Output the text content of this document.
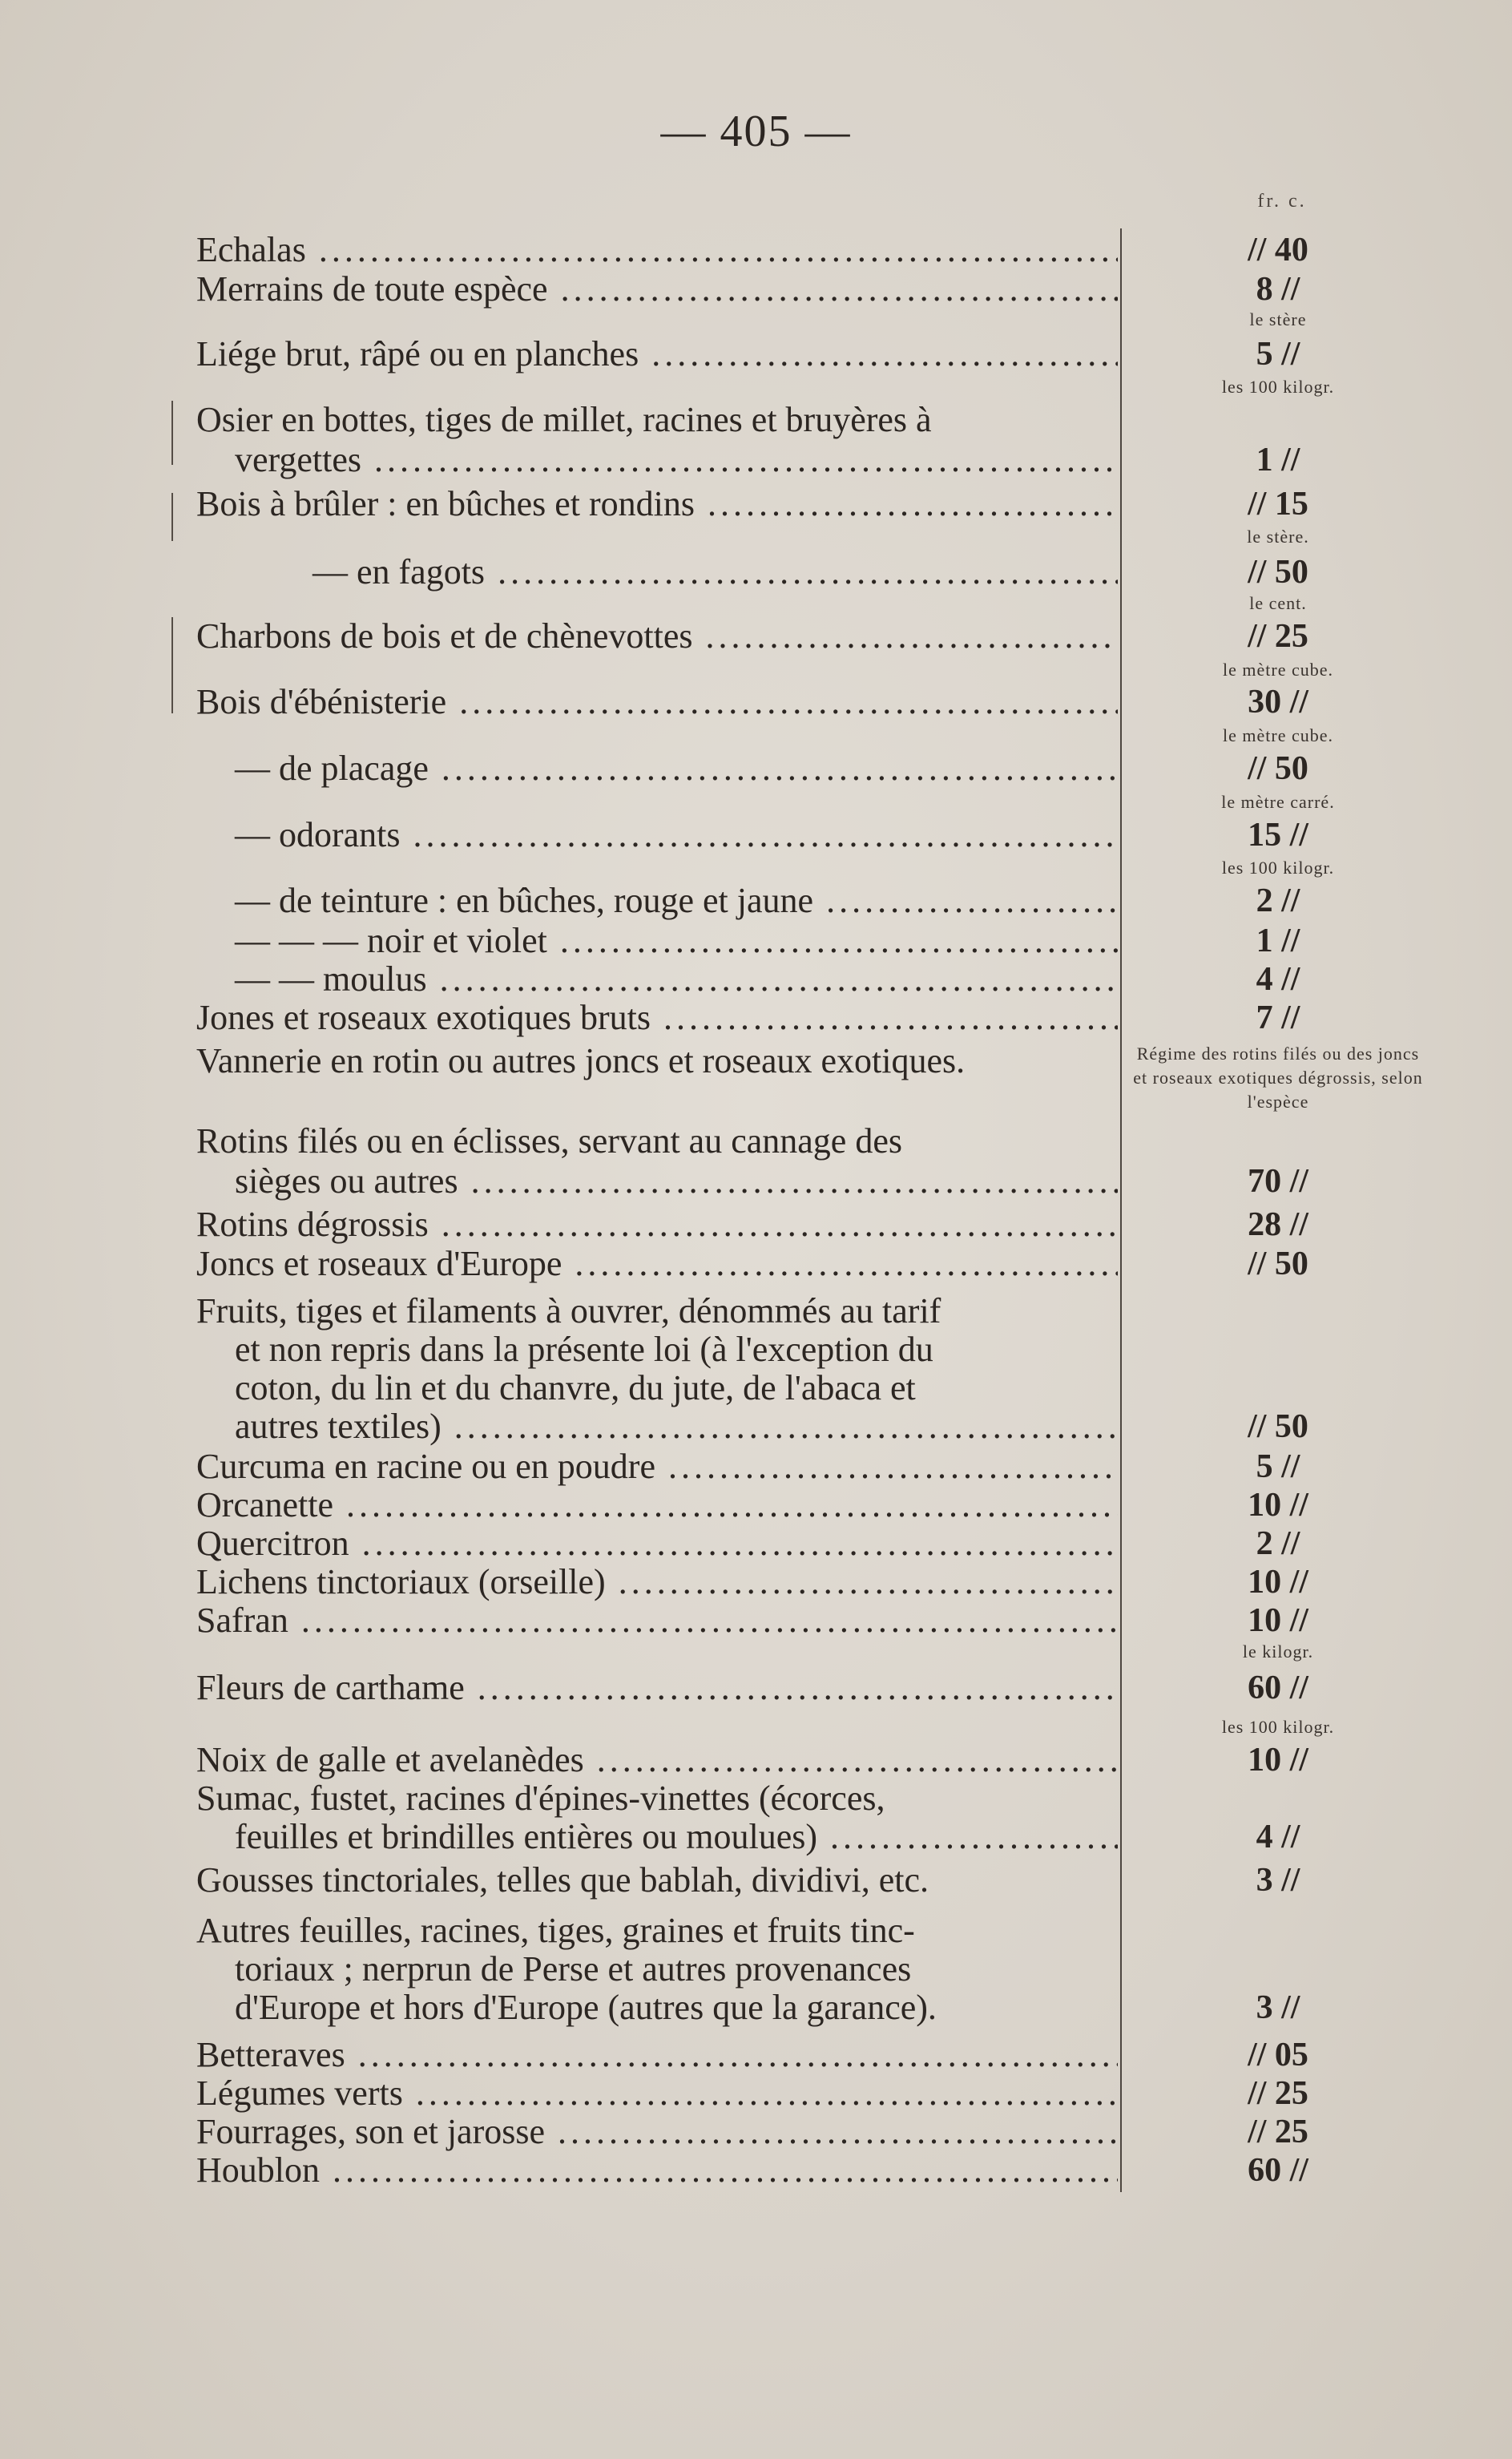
— 405 —
fr. c.
Echalas .....	// 40
Merrains de toute espèce .....	8 //
le stère
Liége brut, râpé ou en planches .....	5 //
les 100 kilogr.
Osier en bottes, tiges de millet, racines et bruyères à
vergettes .....	1 //
Bois à brûler : en bûches et rondins .....	// 15
le stère.
— en fagots .....	// 50
le cent.
Charbons de bois et de chènevottes .....	// 25
le mètre cube.
Bois d'ébénisterie .....	30 //
le mètre cube.
— de placage .....	// 50
le mètre carré.
— odorants .....	15 //
les 100 kilogr.
— de teinture : en bûches, rouge et jaune .....	2 //
— — — noir et violet .....	1 //
— — moulus .....	4 //
Jones et roseaux exotiques bruts .....	7 //
Vannerie en rotin ou autres joncs et roseaux exotiques.	Régime des rotins filés ou des joncs et roseaux exotiques dégrossis, selon l'espèce
Rotins filés ou en éclisses, servant au cannage des
sièges ou autres .....	70 //
Rotins dégrossis .....	28 //
Joncs et roseaux d'Europe .....	// 50
Fruits, tiges et filaments à ouvrer, dénommés au tarif
et non repris dans la présente loi (à l'exception du
coton, du lin et du chanvre, du jute, de l'abaca et
autres textiles) .....	// 50
Curcuma en racine ou en poudre .....	5 //
Orcanette .....	10 //
Quercitron .....	2 //
Lichens tinctoriaux (orseille) .....	10 //
Safran .....	10 //
le kilogr.
Fleurs de carthame .....	60 //
les 100 kilogr.
Noix de galle et avelanèdes .....	10 //
Sumac, fustet, racines d'épines-vinettes (écorces,
feuilles et brindilles entières ou moulues) .....	4 //
Gousses tinctoriales, telles que bablah, dividivi, etc.	3 //
Autres feuilles, racines, tiges, graines et fruits tinc-
toriaux ; nerprun de Perse et autres provenances
d'Europe et hors d'Europe (autres que la garance).	3 //
Betteraves .....	// 05
Légumes verts .....	// 25
Fourrages, son et jarosse .....	// 25
Houblon .....	60 //
